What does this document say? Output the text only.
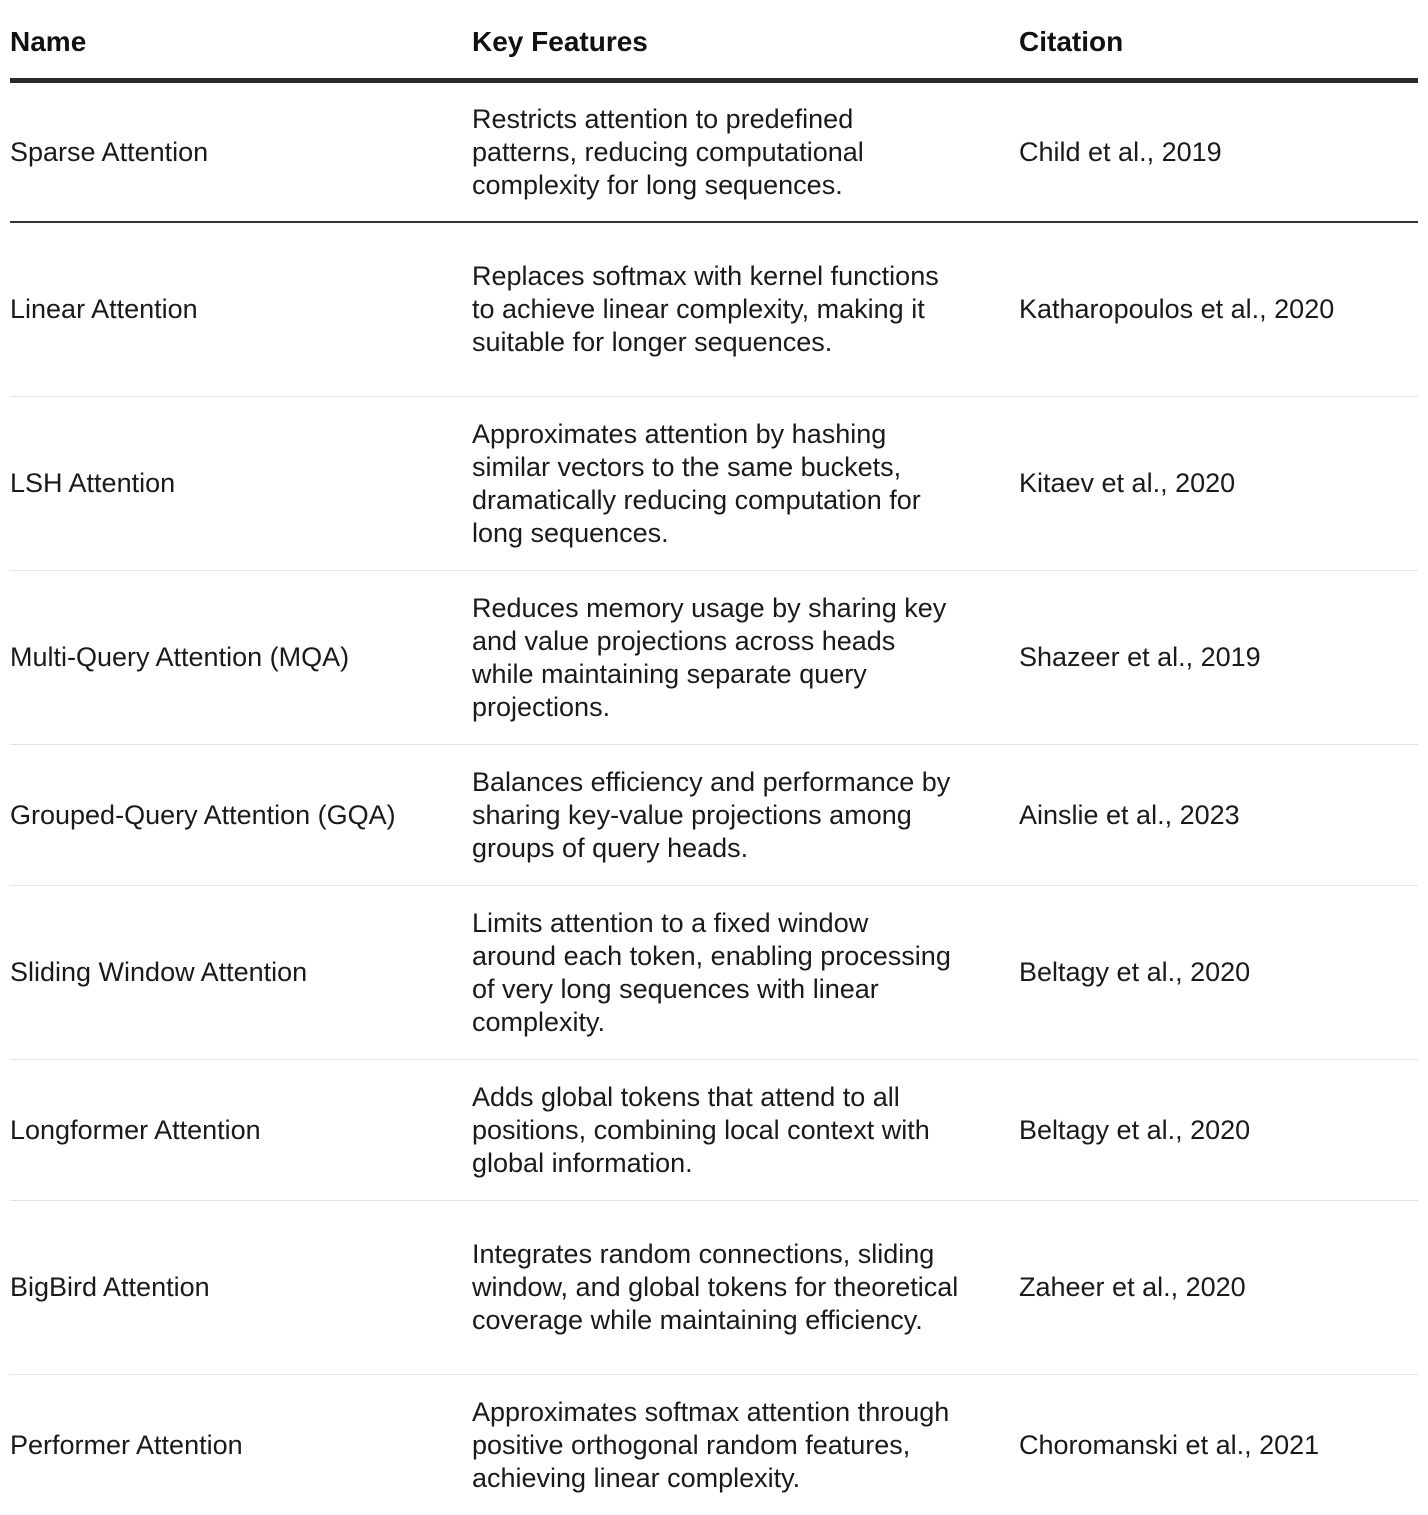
Name	Key Features	Citation
Sparse Attention
Restricts attention to predefined patterns, reducing computational complexity for long sequences.
Child et al., 2019
Linear Attention
Replaces softmax with kernel functions to achieve linear complexity, making it suitable for longer sequences.
Katharopoulos et al., 2020
LSH Attention
Approximates attention by hashing similar vectors to the same buckets, dramatically reducing computation for long sequences.
Kitaev et al., 2020
Multi-Query Attention (MQA)
Reduces memory usage by sharing key and value projections across heads while maintaining separate query projections.
Shazeer et al., 2019
Grouped-Query Attention (GQA)
Balances efficiency and performance by sharing key-value projections among groups of query heads.
Ainslie et al., 2023
Sliding Window Attention
Limits attention to a fixed window around each token, enabling processing of very long sequences with linear complexity.
Beltagy et al., 2020
Longformer Attention
Adds global tokens that attend to all positions, combining local context with global information.
Beltagy et al., 2020
BigBird Attention
Integrates random connections, sliding window, and global tokens for theoretical coverage while maintaining efficiency.
Zaheer et al., 2020
Performer Attention
Approximates softmax attention through positive orthogonal random features, achieving linear complexity.
Choromanski et al., 2021
